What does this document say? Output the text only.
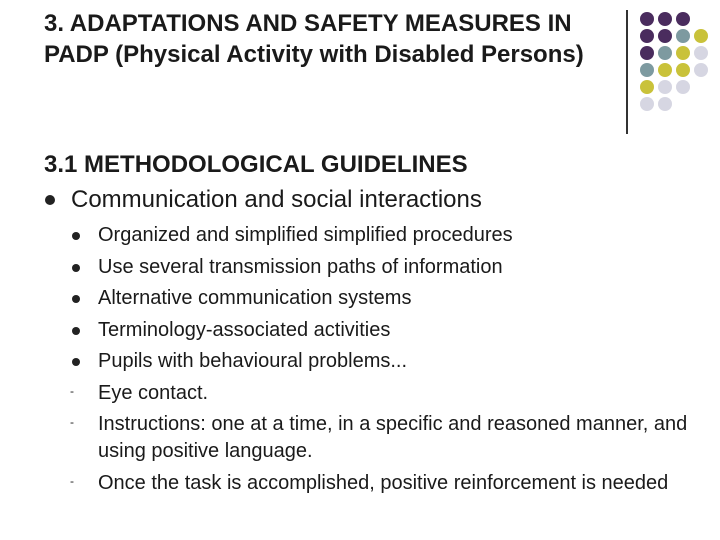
3. ADAPTATIONS AND SAFETY MEASURES IN PADP (Physical Activity with Disabled Persons)
3.1 METHODOLOGICAL GUIDELINES
Communication and social interactions
Organized and simplified simplified procedures
Use several transmission paths of information
Alternative communication systems
Terminology-associated activities
Pupils with behavioural problems...
-	Eye contact.
-	Instructions: one at a time, in a specific and reasoned manner, and using positive language.
-	Once the task is accomplished, positive reinforcement is needed
